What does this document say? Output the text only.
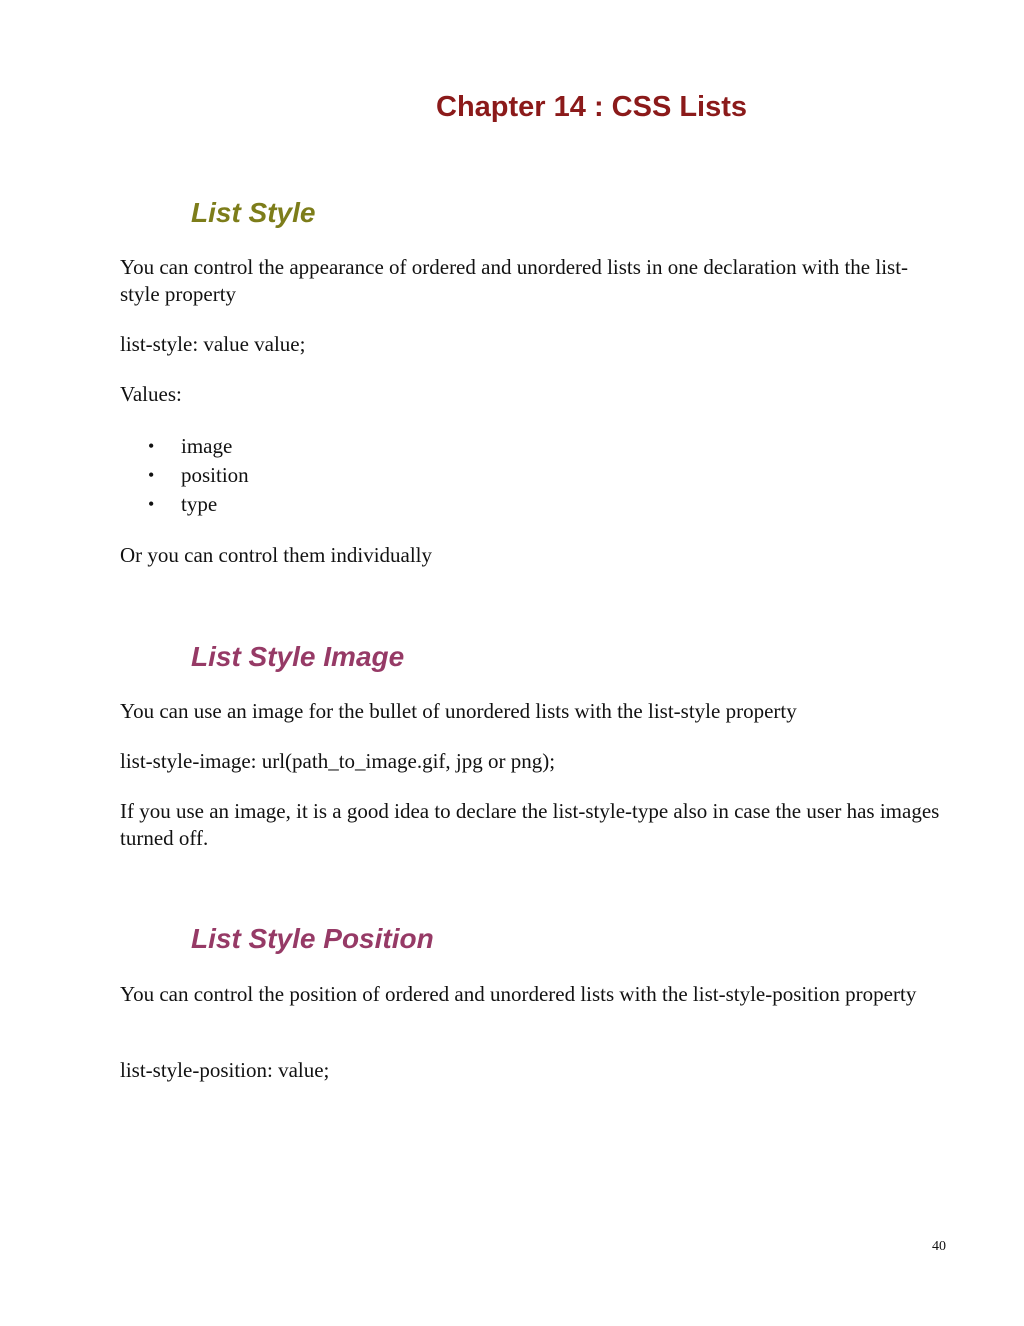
Chapter 14 : CSS Lists
List Style

You can control the appearance of ordered and unordered lists in one declaration with the list-style property

list-style: value value;

Values:

• image
• position
• type

Or you can control them individually

List Style Image

You can use an image for the bullet of unordered lists with the list-style property

list-style-image: url(path_to_image.gif, jpg or png);

If you use an image, it is a good idea to declare the list-style-type also in case the user has images turned off.

List Style Position

You can control the position of ordered and unordered lists with the list-style-position property

list-style-position: value;

40
